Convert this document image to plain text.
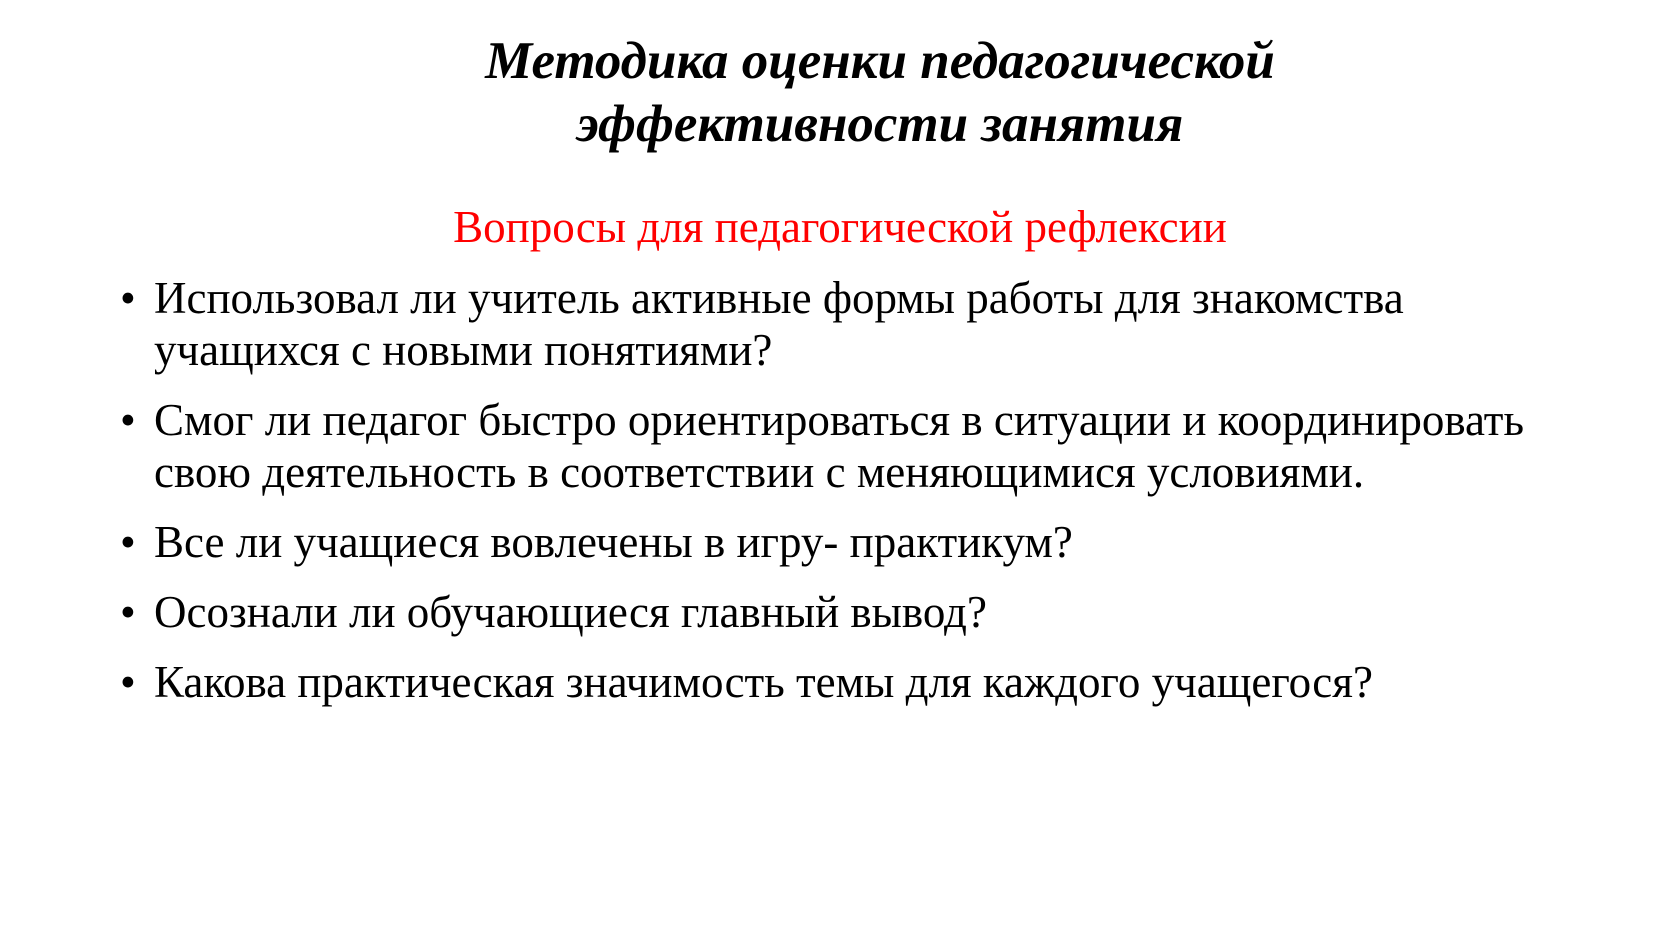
Методика оценки педагогической
эффективности занятия
Вопросы для педагогической рефлексии
• Использовал ли учитель активные формы работы для знакомства учащихся с новыми понятиями?
• Смог ли педагог быстро ориентироваться в ситуации и координировать свою деятельность в соответствии с меняющимися условиями.
• Все ли учащиеся вовлечены в игру- практикум?
• Осознали ли обучающиеся главный вывод?
• Какова практическая значимость темы для каждого учащегося?
